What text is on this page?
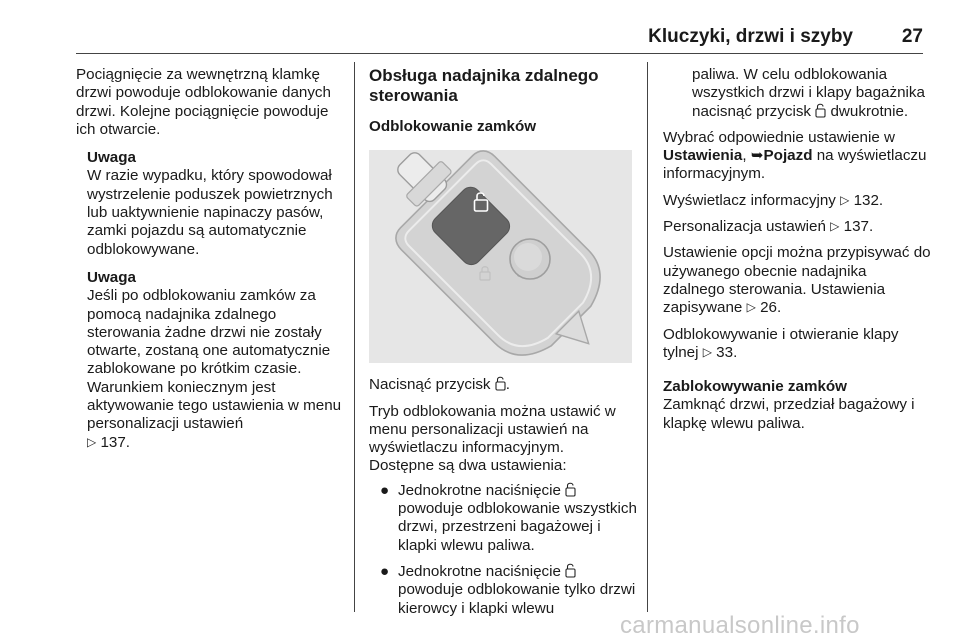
Kluczyki, drzwi i szyby	27

Pociągnięcie za wewnętrzną klamkę drzwi powoduje odblokowanie danych drzwi. Kolejne pociągnięcie powoduje ich otwarcie.

Uwaga

W razie wypadku, który spowodował wystrzelenie poduszek powietrznych lub uaktywnienie napinaczy pasów, zamki pojazdu są automatycznie odblokowywane.

Uwaga

Jeśli po odblokowaniu zamków za pomocą nadajnika zdalnego sterowania żadne drzwi nie zostały otwarte, zostaną one automatycznie zablokowane po krótkim czasie. Warunkiem koniecznym jest aktywowanie tego ustawienia w menu personalizacji ustawień
▷ 137.

Obsługa nadajnika zdalnego sterowania

Odblokowanie zamków

Nacisnąć przycisk .

Tryb odblokowania można ustawić w menu personalizacji ustawień na wyświetlaczu informacyjnym.

Dostępne są dwa ustawienia:

● Jednokrotne naciśnięcie  powoduje odblokowanie wszystkich drzwi, przestrzeni bagażowej i klapki wlewu paliwa.
● Jednokrotne naciśnięcie  powoduje odblokowanie tylko drzwi kierowcy i klapki wlewu

paliwa. W celu odblokowania wszystkich drzwi i klapy bagażnika nacisnąć przycisk dwukrotnie.

Wybrać odpowiednie ustawienie w
Ustawienia, ➥Pojazd na wyświetlaczu informacyjnym.

Wyświetlacz informacyjny ▷ 132.

Personalizacja ustawień ▷ 137.

Ustawienie opcji można przypisywać do używanego obecnie nadajnika zdalnego sterowania. Ustawienia zapisywane ▷ 26.

Odblokowywanie i otwieranie klapy tylnej ▷ 33.

Zablokowywanie zamków

Zamknąć drzwi, przedział bagażowy i klapkę wlewu paliwa.

carmanualsonline.info
